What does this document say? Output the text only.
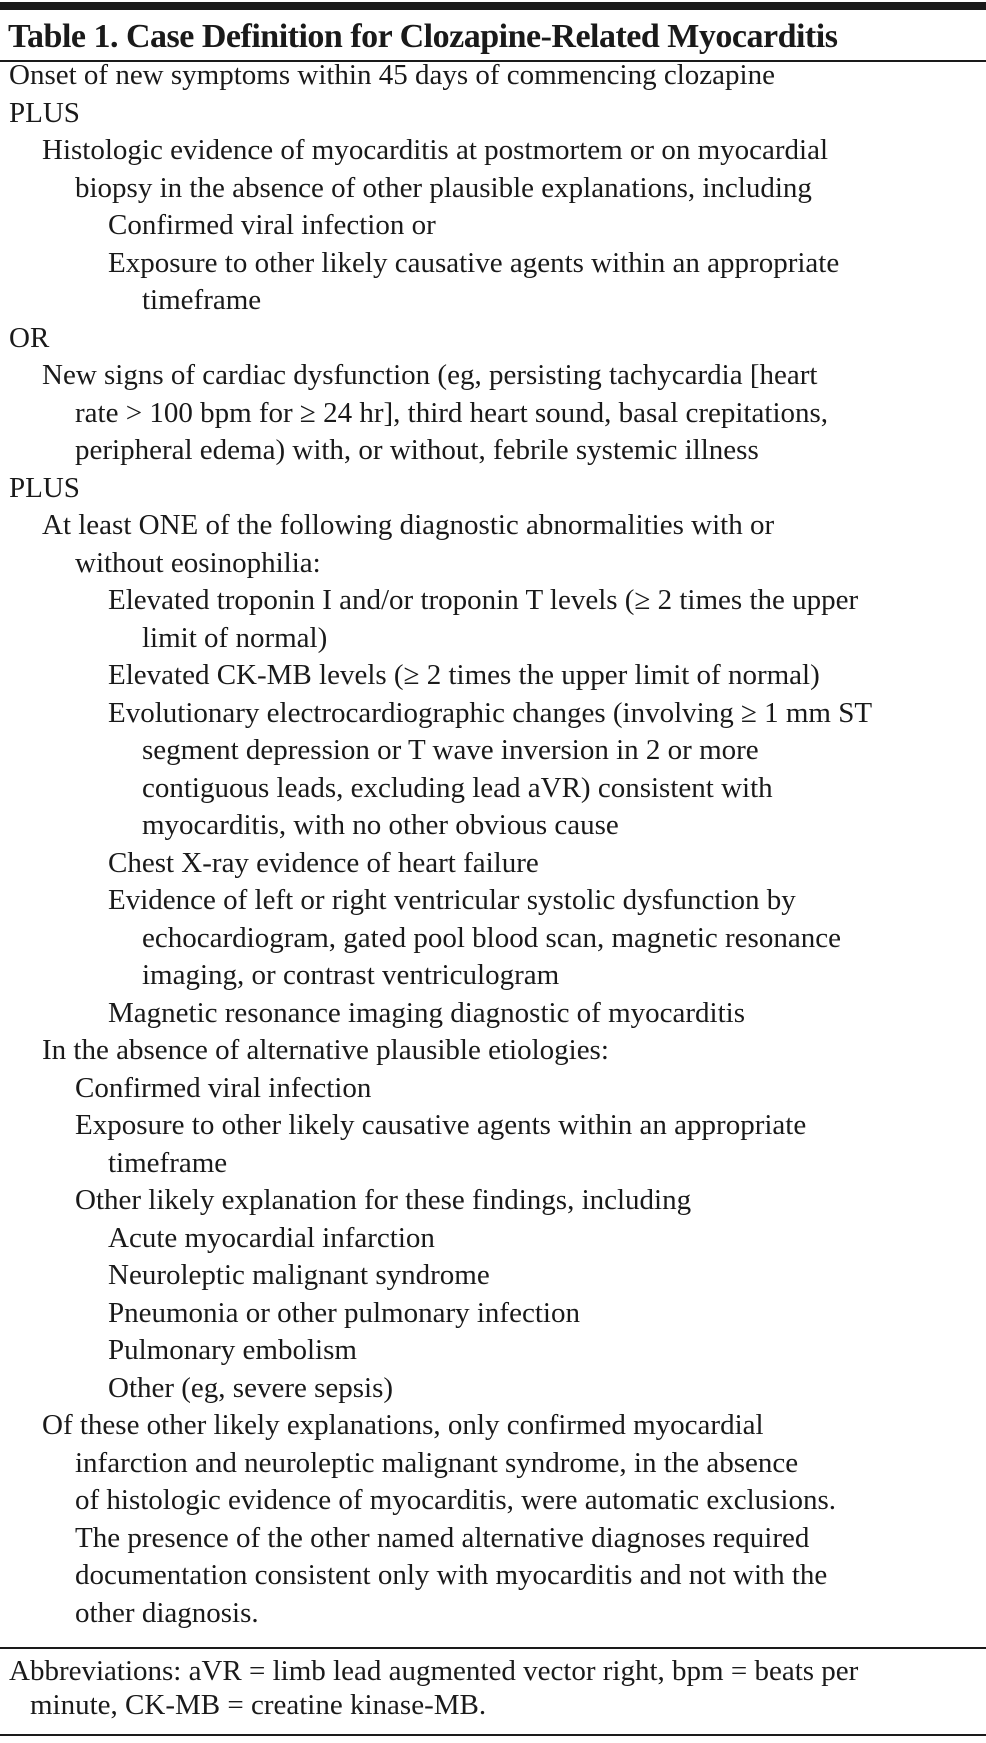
Table 1. Case Definition for Clozapine-Related Myocarditis
Onset of new symptoms within 45 days of commencing clozapine
PLUS
Histologic evidence of myocarditis at postmortem or on myocardial
biopsy in the absence of other plausible explanations, including
Confirmed viral infection or
Exposure to other likely causative agents within an appropriate
timeframe
OR
New signs of cardiac dysfunction (eg, persisting tachycardia [heart
rate > 100 bpm for ≥ 24 hr], third heart sound, basal crepitations,
peripheral edema) with, or without, febrile systemic illness
PLUS
At least ONE of the following diagnostic abnormalities with or
without eosinophilia:
Elevated troponin I and/or troponin T levels (≥ 2 times the upper
limit of normal)
Elevated CK-MB levels (≥ 2 times the upper limit of normal)
Evolutionary electrocardiographic changes (involving ≥ 1 mm ST
segment depression or T wave inversion in 2 or more
contiguous leads, excluding lead aVR) consistent with
myocarditis, with no other obvious cause
Chest X-ray evidence of heart failure
Evidence of left or right ventricular systolic dysfunction by
echocardiogram, gated pool blood scan, magnetic resonance
imaging, or contrast ventriculogram
Magnetic resonance imaging diagnostic of myocarditis
In the absence of alternative plausible etiologies:
Confirmed viral infection
Exposure to other likely causative agents within an appropriate
timeframe
Other likely explanation for these findings, including
Acute myocardial infarction
Neuroleptic malignant syndrome
Pneumonia or other pulmonary infection
Pulmonary embolism
Other (eg, severe sepsis)
Of these other likely explanations, only confirmed myocardial
infarction and neuroleptic malignant syndrome, in the absence
of histologic evidence of myocarditis, were automatic exclusions.
The presence of the other named alternative diagnoses required
documentation consistent only with myocarditis and not with the
other diagnosis.
Abbreviations: aVR = limb lead augmented vector right, bpm = beats per
minute, CK-MB = creatine kinase-MB.
